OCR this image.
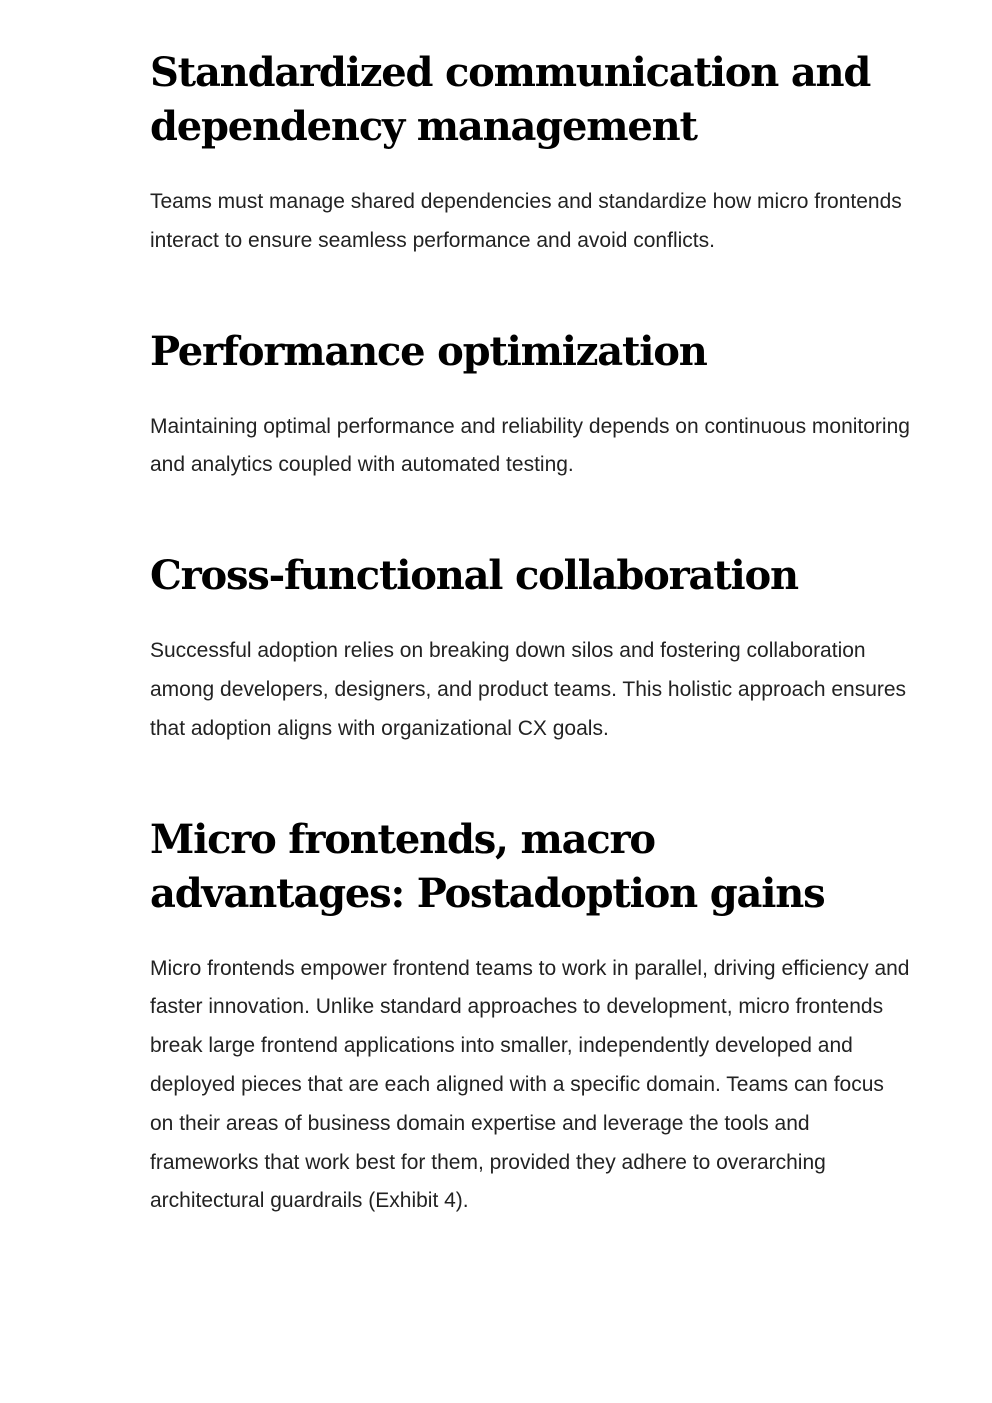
Standardized communication and dependency management

Teams must manage shared dependencies and standardize how micro frontends interact to ensure seamless performance and avoid conflicts.

Performance optimization

Maintaining optimal performance and reliability depends on continuous monitoring and analytics coupled with automated testing.

Cross-functional collaboration

Successful adoption relies on breaking down silos and fostering collaboration among developers, designers, and product teams. This holistic approach ensures that adoption aligns with organizational CX goals.

Micro frontends, macro advantages: Postadoption gains

Micro frontends empower frontend teams to work in parallel, driving efficiency and faster innovation. Unlike standard approaches to development, micro frontends break large frontend applications into smaller, independently developed and deployed pieces that are each aligned with a specific domain. Teams can focus on their areas of business domain expertise and leverage the tools and frameworks that work best for them, provided they adhere to overarching architectural guardrails (Exhibit 4).
